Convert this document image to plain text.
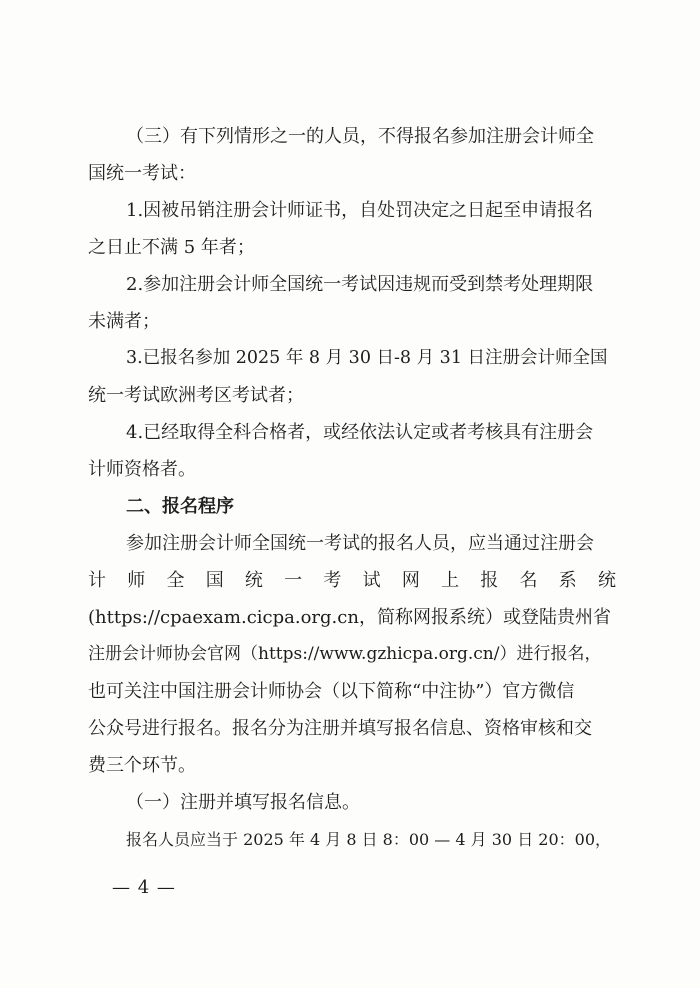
（三）有下列情形之一的人员，不得报名参加注册会计师全
国统一考试：
1.因被吊销注册会计师证书，自处罚决定之日起至申请报名
之日止不满 5 年者；
2.参加注册会计师全国统一考试因违规而受到禁考处理期限
未满者；
3.已报名参加 2025 年 8 月 30 日-8 月 31 日注册会计师全国
统一考试欧洲考区考试者；
4.已经取得全科合格者，或经依法认定或者考核具有注册会
计师资格者。
二、报名程序
参加注册会计师全国统一考试的报名人员，应当通过注册会
计 师 全 国 统 一 考 试 网 上 报 名 系 统
(https://cpaexam.cicpa.org.cn，简称网报系统）或登陆贵州省
注册会计师协会官网（https://www.gzhicpa.org.cn/）进行报名，
也可关注中国注册会计师协会（以下简称“中注协”）官方微信
公众号进行报名。报名分为注册并填写报名信息、资格审核和交
费三个环节。
（一）注册并填写报名信息。
报名人员应当于 2025 年 4 月 8 日 8：00 — 4 月 30 日 20：00，
— 4 —
